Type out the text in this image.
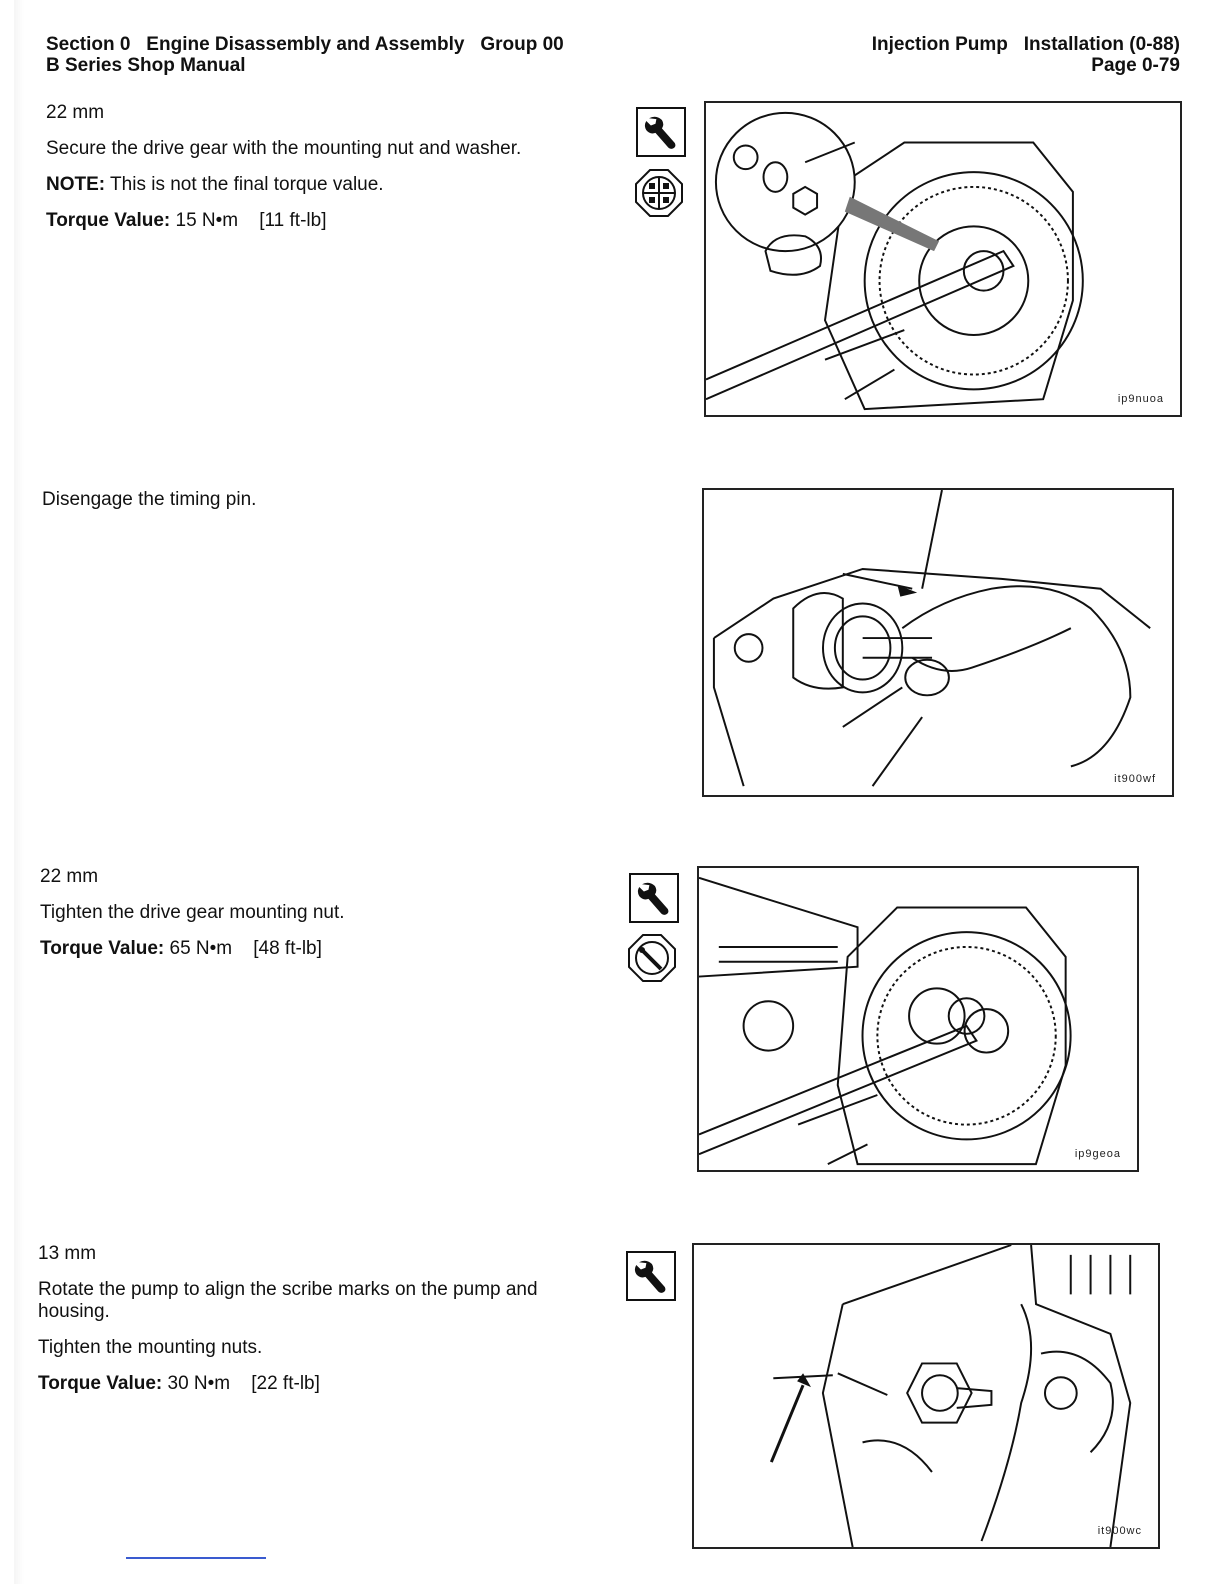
Section 0   Engine Disassembly and Assembly   Group 00
B Series Shop Manual
Injection Pump   Installation (0-88)
Page 0-79
22 mm
Secure the drive gear with the mounting nut and washer.
NOTE: This is not the final torque value.
Torque Value: 15 N•m    [11 ft-lb]
ip9nuoa
Disengage the timing pin.
it900wf
22 mm
Tighten the drive gear mounting nut.
Torque Value: 65 N•m    [48 ft-lb]
ip9geoa
13 mm
Rotate the pump to align the scribe marks on the pump and housing.
Tighten the mounting nuts.
Torque Value: 30 N•m    [22 ft-lb]
it900wc
